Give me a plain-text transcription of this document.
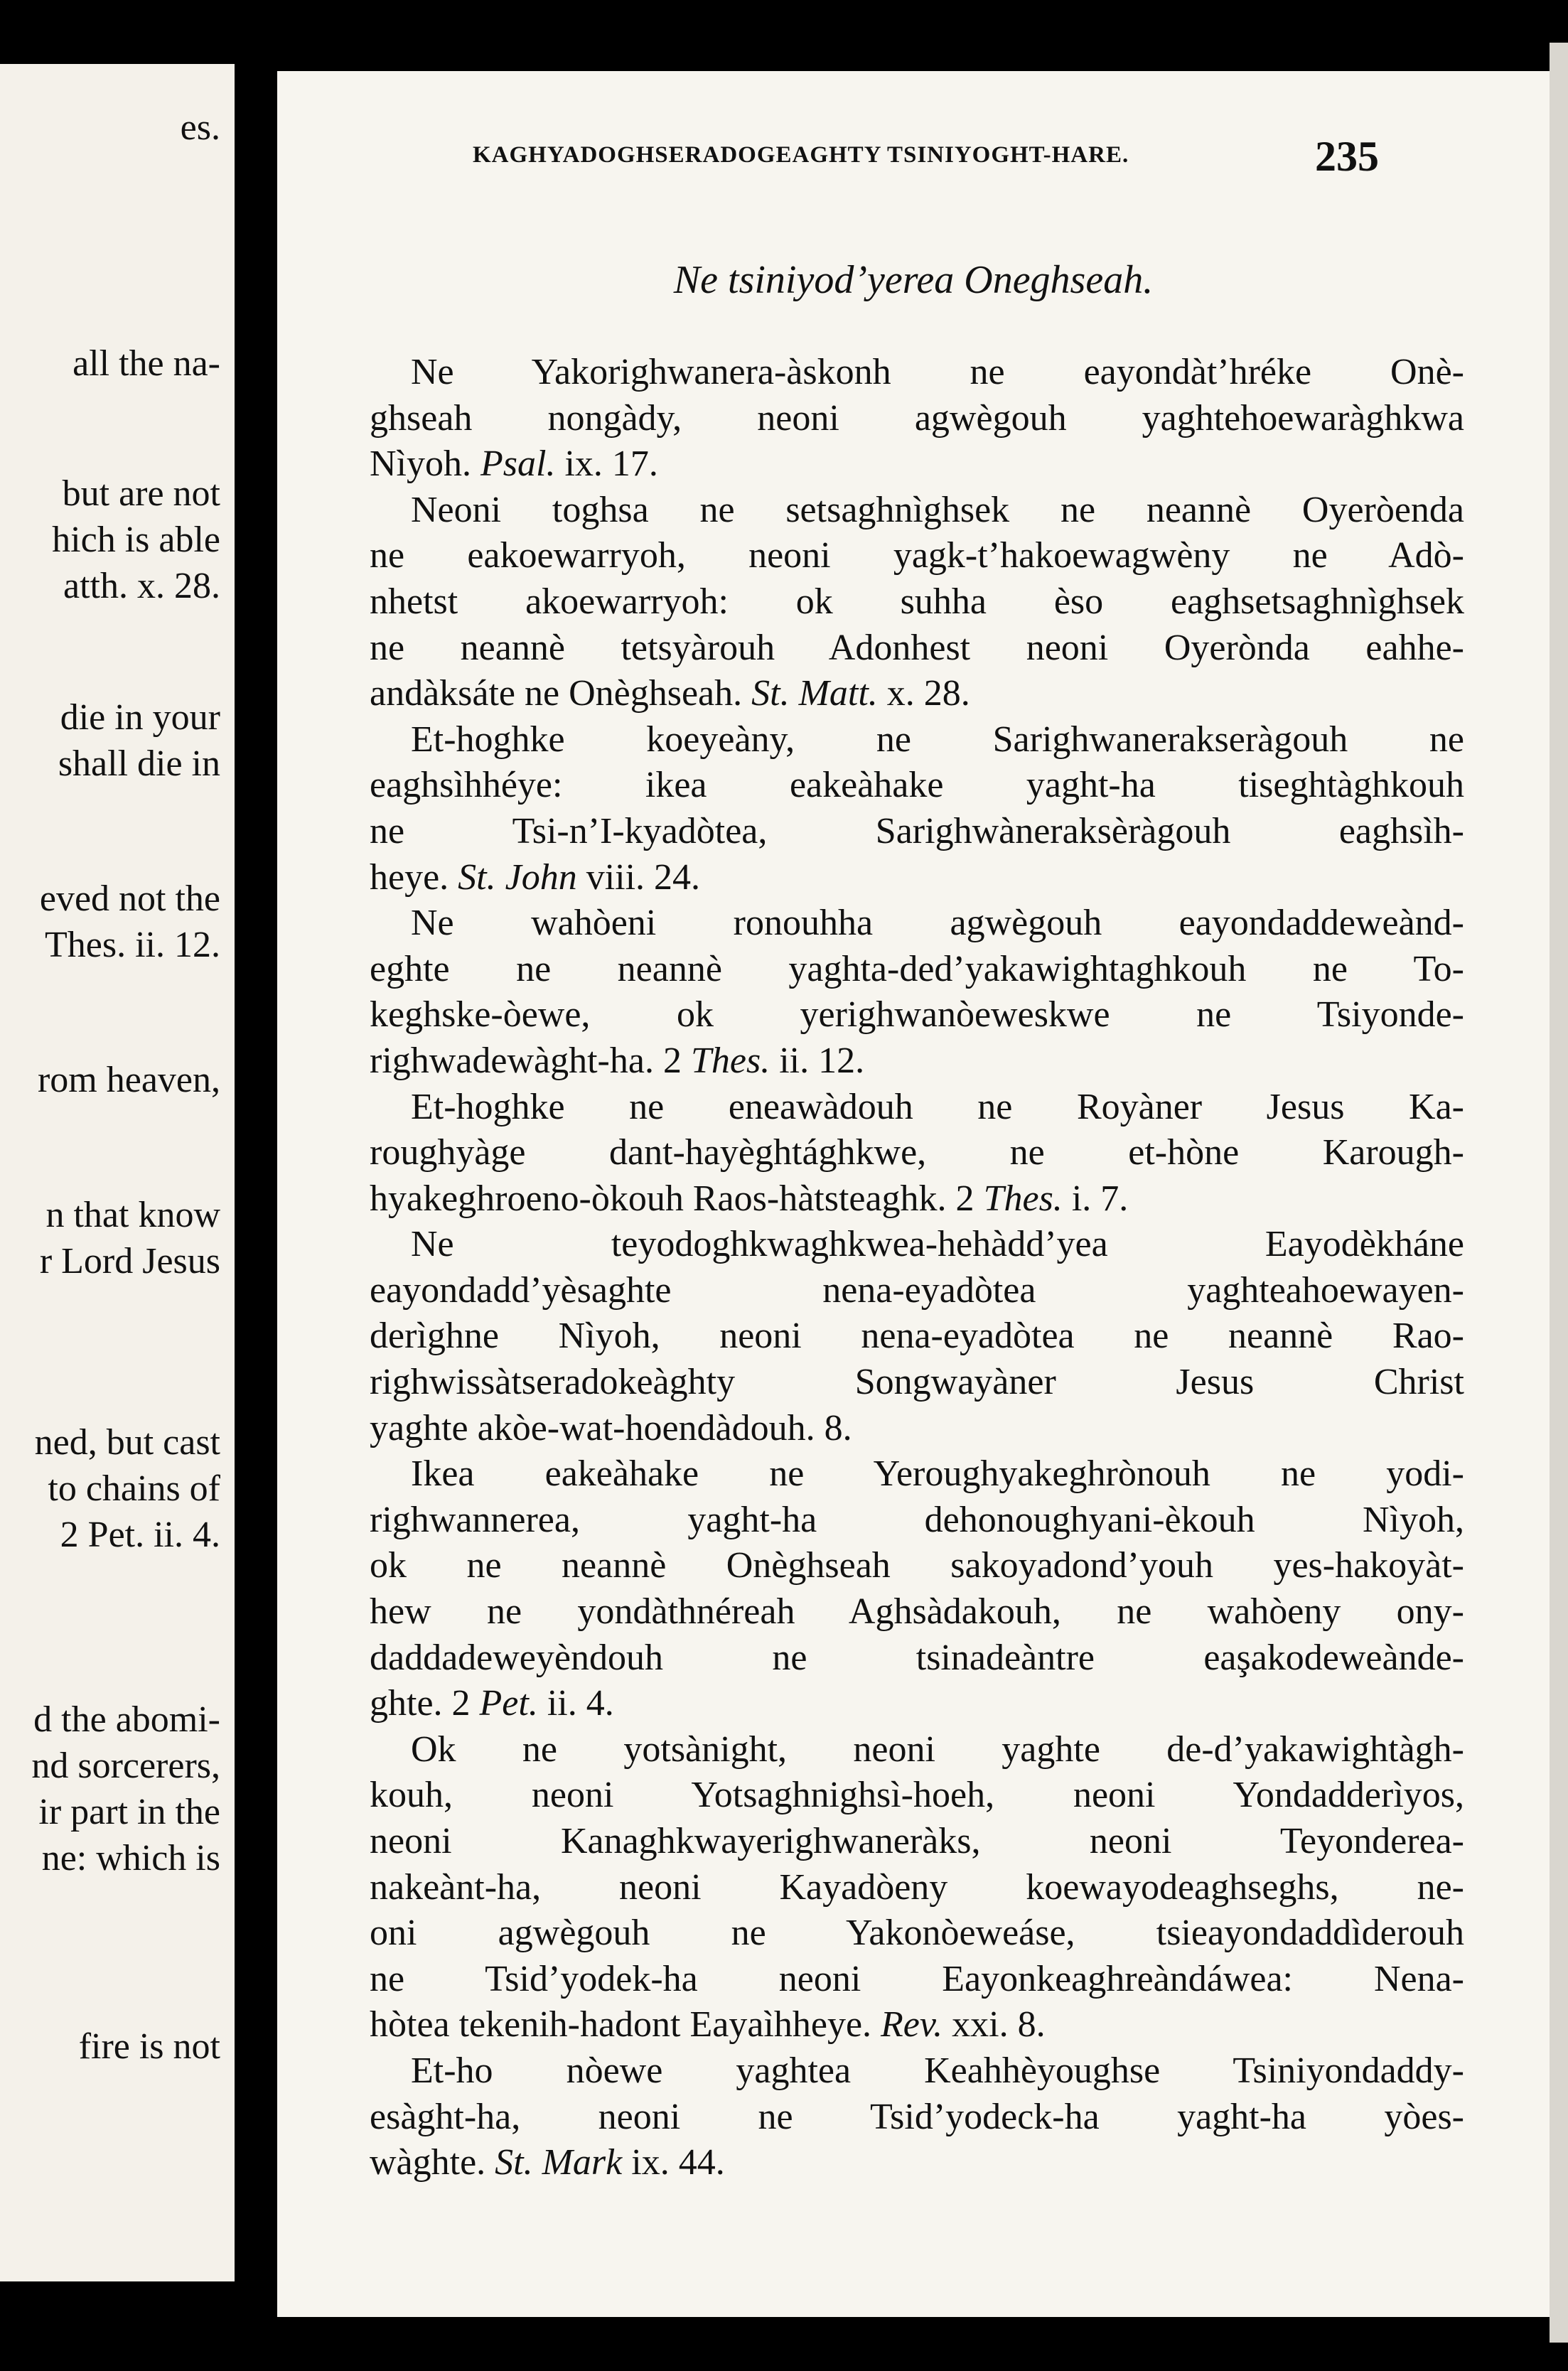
es.
all the na-
but are not
hich is able
atth. x. 28.
die in your
shall die in
eved not the
Thes. ii. 12.
rom heaven,
n that know
r Lord Jesus
ned, but cast
to chains of
2 Pet. ii. 4.
d the abomi-
nd sorcerers,
ir part in the
ne: which is
fire is not
KAGHYADOGHSERADOGEAGHTY TSINIYOGHT-HARE.	235
Ne tsiniyod’yerea Oneghseah.
Ne Yakorighwanera-àskonh ne eayondàt’hréke Onè-
ghseah nongàdy, neoni agwègouh yaghtehoewaràghkwa
Nìyoh. Psal. ix. 17.
Neoni toghsa ne setsaghnìghsek ne neannè Oyeròenda
ne eakoewarryoh, neoni yagk-t’hakoewagwèny ne Adò-
nhetst akoewarryoh: ok suhha èso eaghsetsaghnìghsek
ne neannè tetsyàrouh Adonhest neoni Oyerònda eahhe-
andàksáte ne Onèghseah. St. Matt. x. 28.
Et-hoghke koeyeàny, ne Sarighwanerakseràgouh ne
eaghsìhhéye: ikea eakeàhake yaght-ha tiseghtàghkouh
ne Tsi-n’I-kyadòtea, Sarighwàneraksèràgouh eaghsìh-
heye. St. John viii. 24.
Ne wahòeni ronouhha agwègouh eayondaddeweànd-
eghte ne neannè yaghta-ded’yakawightaghkouh ne To-
keghske-òewe, ok yerighwanòeweskwe ne Tsiyonde-
righwadewàght-ha. 2 Thes. ii. 12.
Et-hoghke ne eneawàdouh ne Royàner Jesus Ka-
roughyàge dant-hayèghtághkwe, ne et-hòne Karough-
hyakeghroeno-òkouh Raos-hàtsteaghk. 2 Thes. i. 7.
Ne teyodoghkwaghkwea-hehàdd’yea Eayodèkháne
eayondadd’yèsaghte nena-eyadòtea yaghteahoewayen-
derìghne Nìyoh, neoni nena-eyadòtea ne neannè Rao-
righwissàtseradokeàghty Songwayàner Jesus Christ
yaghte akòe-wat-hoendàdouh. 8.
Ikea eakeàhake ne Yeroughyakeghrònouh ne yodi-
righwannerea, yaght-ha dehonoughyani-èkouh Nìyoh,
ok ne neannè Onèghseah sakoyadond’youh yes-hakoyàt-
hew ne yondàthnéreah Aghsàdakouh, ne wahòeny ony-
daddadeweyèndouh ne tsinadeàntre eaşakodeweànde-
ghte. 2 Pet. ii. 4.
Ok ne yotsànight, neoni yaghte de-d’yakawightàgh-
kouh, neoni Yotsaghnighsì-hoeh, neoni Yondadderìyos,
neoni Kanaghkwayerighwaneràks, neoni Teyonderea-
nakeànt-ha, neoni Kayadòeny koewayodeaghseghs, ne-
oni agwègouh ne Yakonòeweáse, tsieayondaddìderouh
ne Tsid’yodek-ha neoni Eayonkeaghreàndáwea: Nena-
hòtea tekenih-hadont Eayaìhheye. Rev. xxi. 8.
Et-ho nòewe yaghtea Keahhèyoughse Tsiniyondaddy-
esàght-ha, neoni ne Tsid’yodeck-ha yaght-ha yòes-
wàghte. St. Mark ix. 44.
